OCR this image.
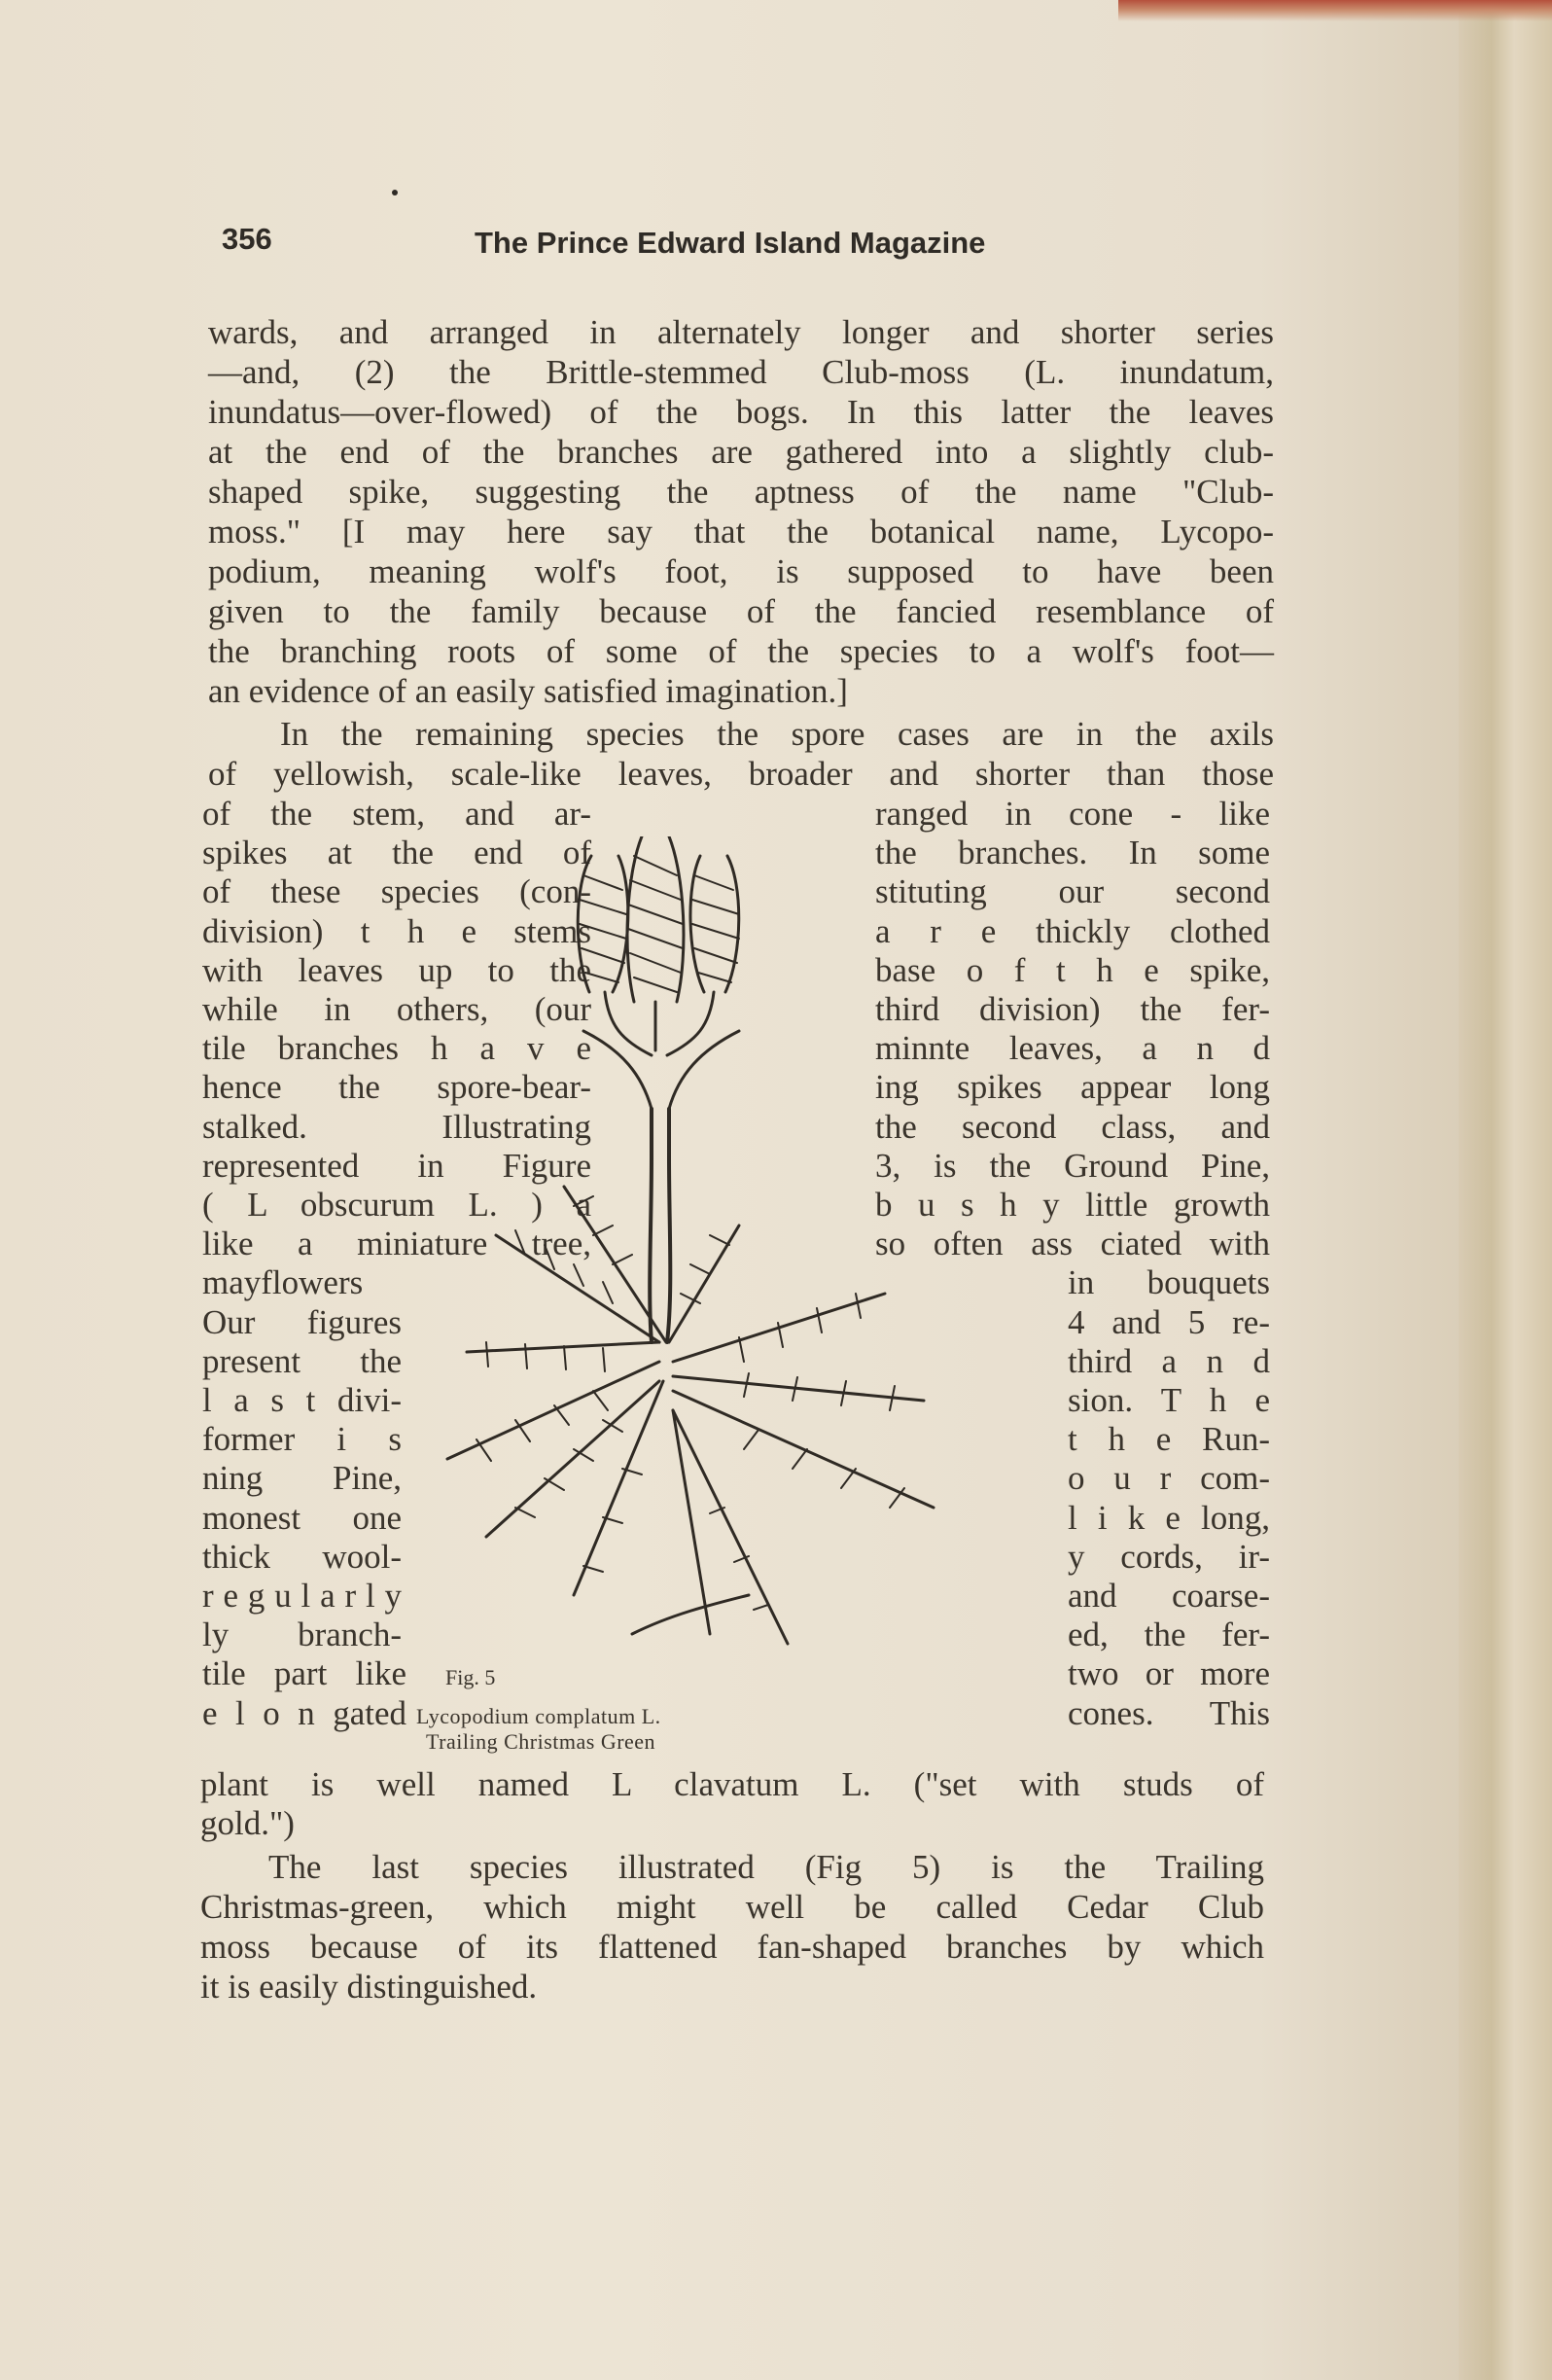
356	The Prince Edward Island Magazine
wards, and arranged in alternately longer and shorter series
—and, (2) the Brittle-stemmed Club-moss (L. inundatum,
inundatus—over-flowed) of the bogs. In this latter the leaves
at the end of the branches are gathered into a slightly club-
shaped spike, suggesting the aptness of the name "Club-
moss." [I may here say that the botanical name, Lycopo-
podium, meaning wolf's foot, is supposed to have been
given to the family because of the fancied resemblance of
the branching roots of some of the species to a wolf's foot—
an evidence of an easily satisfied imagination.]
In the remaining species the spore cases are in the axils
of yellowish, scale-like leaves, broader and shorter than those
of the stem, and ar-
spikes at the end of
of these species (con-
division) t h e stems
with leaves up to the
while in others, (our
tile branches h a v e
hence the spore-bear-
stalked. Illustrating
represented in Figure
( L obscurum L. ) a
like a miniature tree,
mayflowers
Our figures
present the
l a s t divi-
former i s
ning Pine,
monest one
thick wool-
r e g u l a r l y
ly branch-
tile part like
e l o n gated
ranged in cone - like
the branches. In some
stituting our second
a r e thickly clothed
base o f t h e spike,
third division) the fer-
minnte leaves, a n d
ing spikes appear long
the second class, and
3, is the Ground Pine,
b u s h y little growth
so often ass ciated with
in bouquets
4 and 5 re-
third a n d
sion. T h e
t h e Run-
o u r com-
l i k e long,
y cords, ir-
and coarse-
ed, the fer-
two or more
cones. This
Fig. 5
Lycopodium complatum L.
Trailing Christmas Green
plant is well named L clavatum L. ("set with studs of
gold.")
The last species illustrated (Fig 5) is the Trailing
Christmas-green, which might well be called Cedar Club
moss because of its flattened fan-shaped branches by which
it is easily distinguished.
